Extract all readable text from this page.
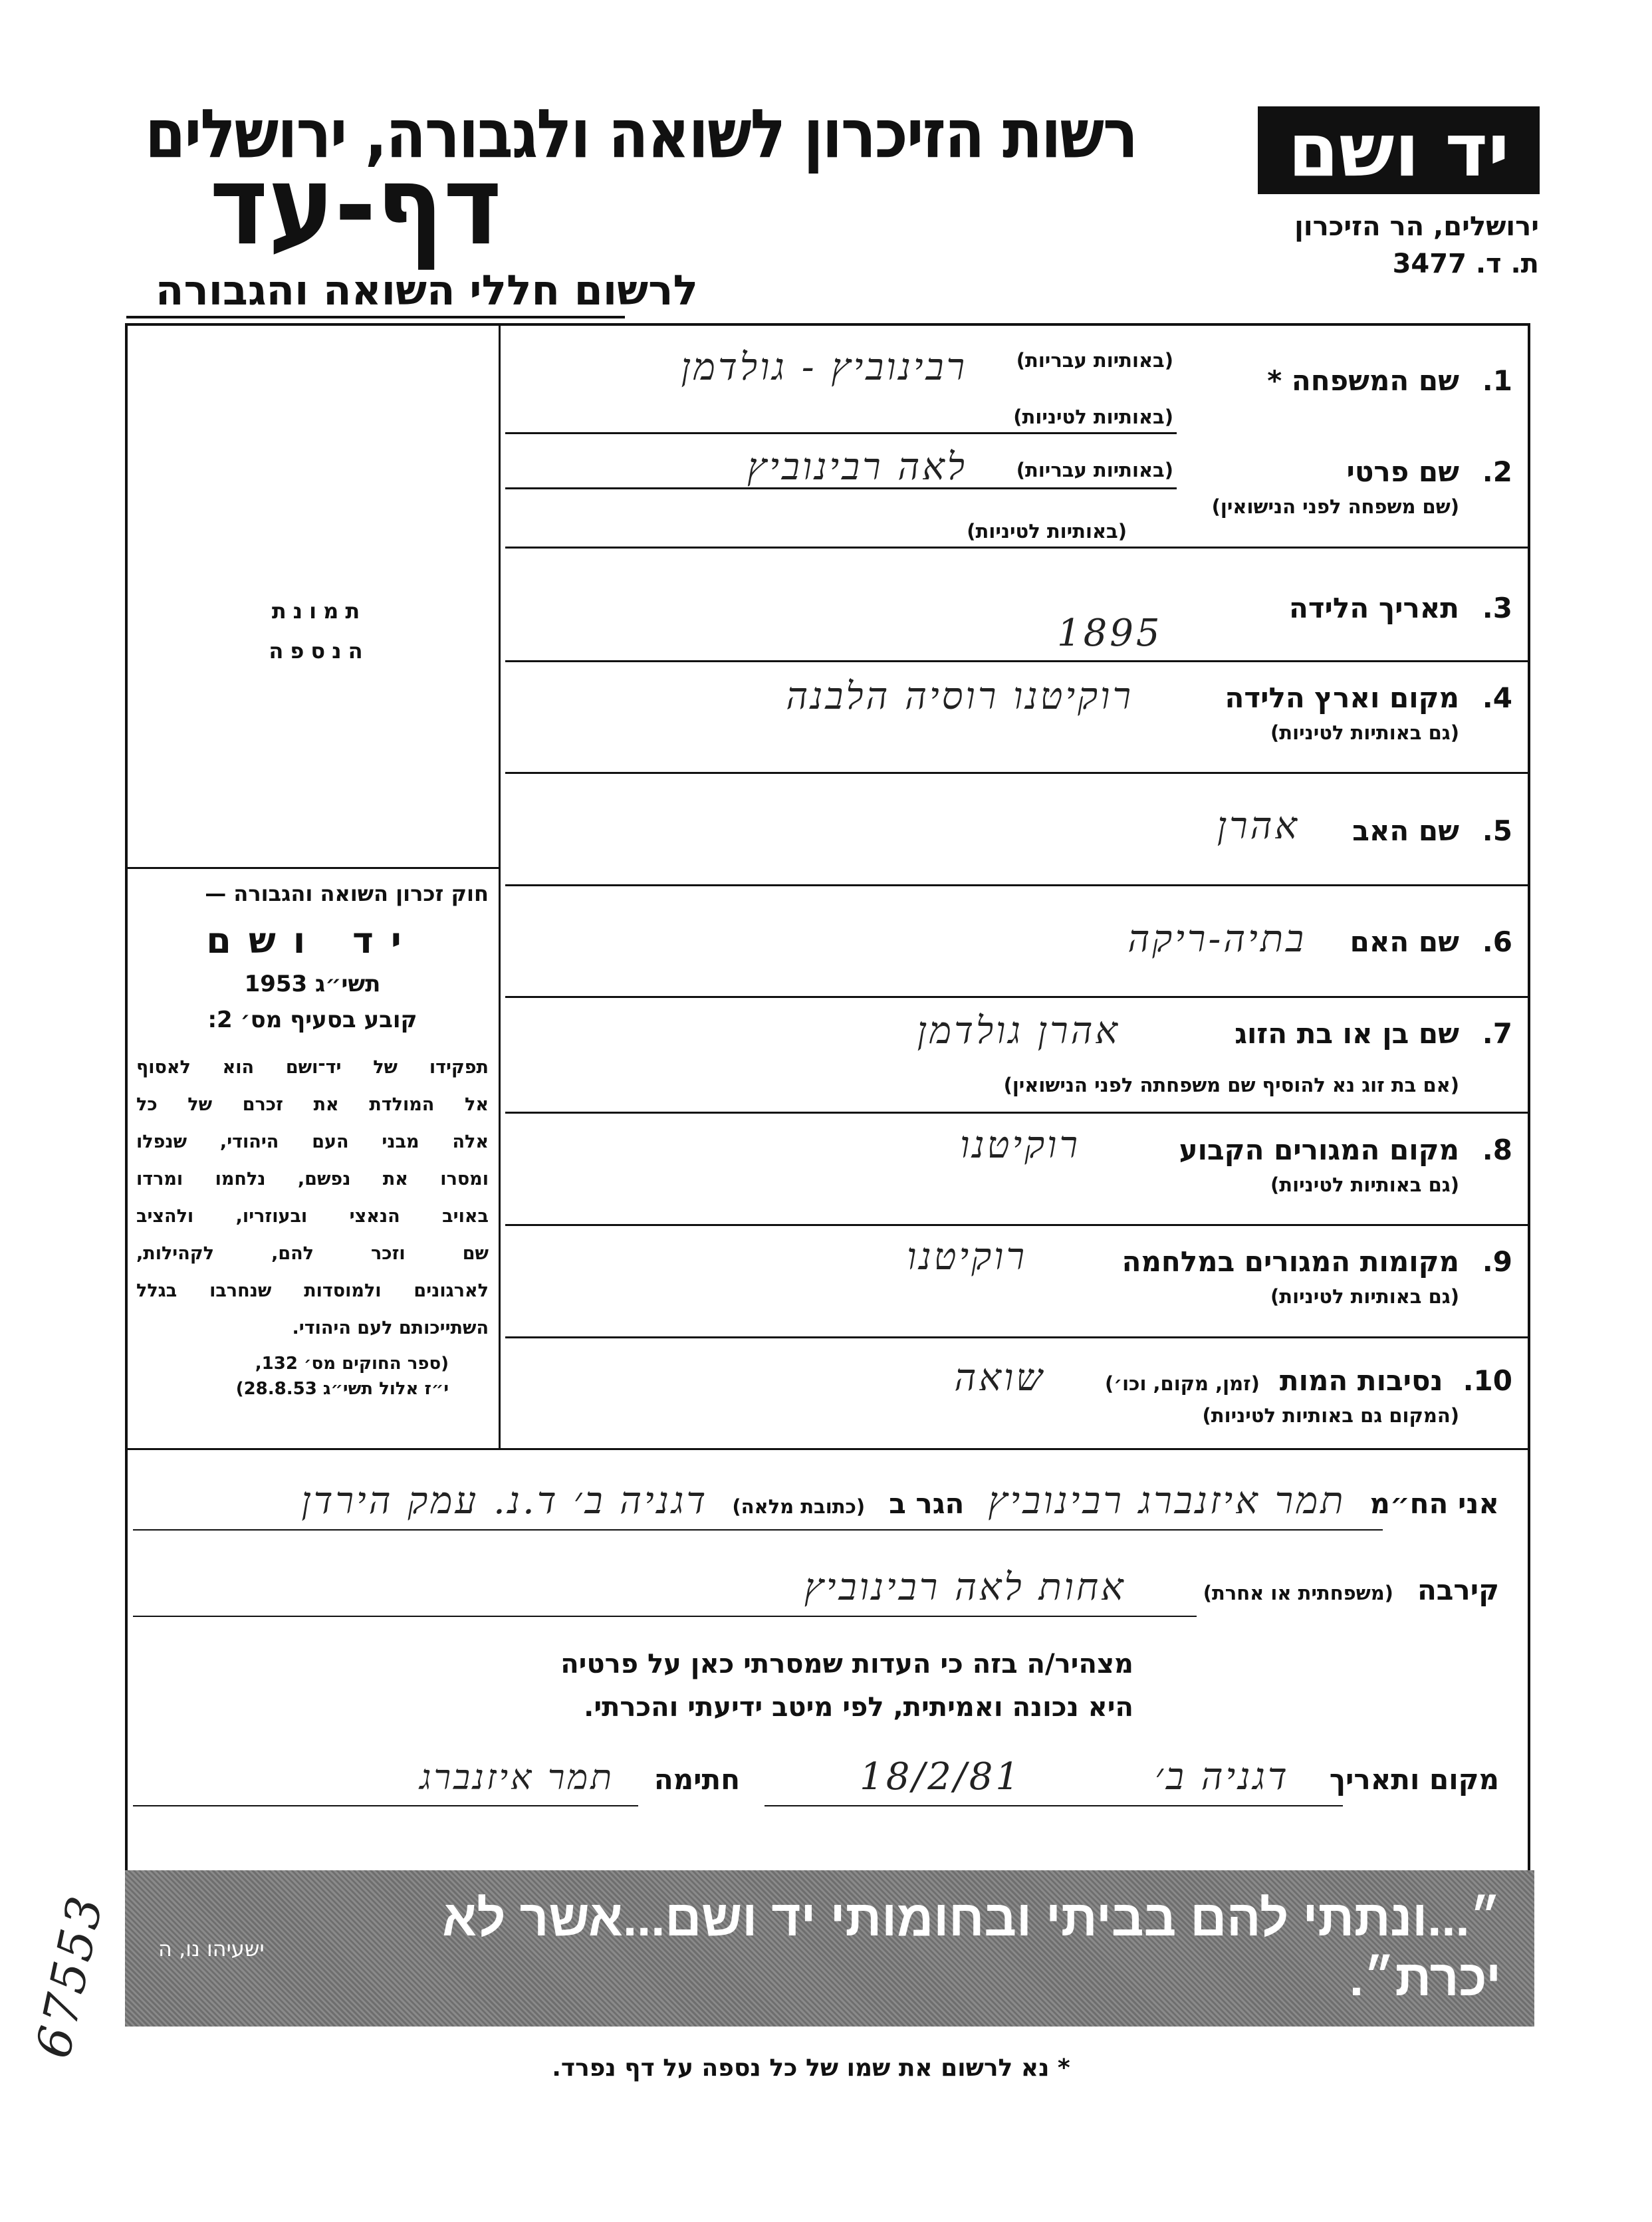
רשות הזיכרון לשואה ולגבורה, ירושלים
דף-עד
לרשום חללי השואה והגבורה
יד ושם
ירושלים, הר הזיכרון
ת. ד. 3477
תמונת
הנספה
חוק זכרון השואה והגבורה —
יד ושם
תשי״ג 1953
קובע בסעיף מס׳ 2:
תפקידו של יד־ושם הוא לאסוף
אל המולדת את זכרם של כל
אלה מבני העם היהודי, שנפלו
ומסרו את נפשם, נלחמו ומרדו
באויב הנאצי ובעוזריו, ולהציב
שם וזכר להם, לקהילות,
לארגונים ולמוסדות שנחרבו בגלל
השתייכותם לעם היהודי.
(ספר החוקים מס׳ 132,
י״ז אלול תשי״ג 28.8.53)
1.
שם המשפחה *
(באותיות עבריות)
(באותיות לטיניות)
רבינוביץ - גולדמן
2.
שם פרטי
(שם משפחה לפני הנישואין)
(באותיות עבריות)
(באותיות לטיניות)
לאה רבינוביץ
3.
תאריך הלידה
1895
4.
מקום וארץ הלידה
(גם באותיות לטיניות)
רוקיטנו רוסיה הלבנה
5.
שם האב
אהרן
6.
שם האם
בתיה-ריקה
7.
שם בן או בת הזוג
(אם בת זוג נא להוסיף שם משפחתה לפני הנישואין)
אהרן גולדמן
8.
מקום המגורים הקבוע
(גם באותיות לטיניות)
רוקיטנו
9.
מקומות המגורים במלחמה
(גם באותיות לטיניות)
רוקיטנו
10.
נסיבות המות
(זמן, מקום, וכו׳)
שואה
(המקום גם באותיות לטיניות)
אני הח״מ
תמר איזנברג רבינוביץ
הגר ב
(כתובת מלאה)
דגניה ב׳ ד.נ. עמק הירדן
קירבה
(משפחתית או אחרת)
אחות לאה רבינוביץ
מצהיר/ה בזה כי העדות שמסרתי כאן על פרטיה
היא נכונה ואמיתית, לפי מיטב ידיעתי והכרתי.
מקום ותאריך
דגניה ב׳
18/2/81
חתימה
תמר איזנברג
״...ונתתי להם בביתי ובחומותי יד ושם...אשר לא יכרת״.
ישעיהו נו, ה
* נא לרשום את שמו של כל נספה על דף נפרד.
67553
